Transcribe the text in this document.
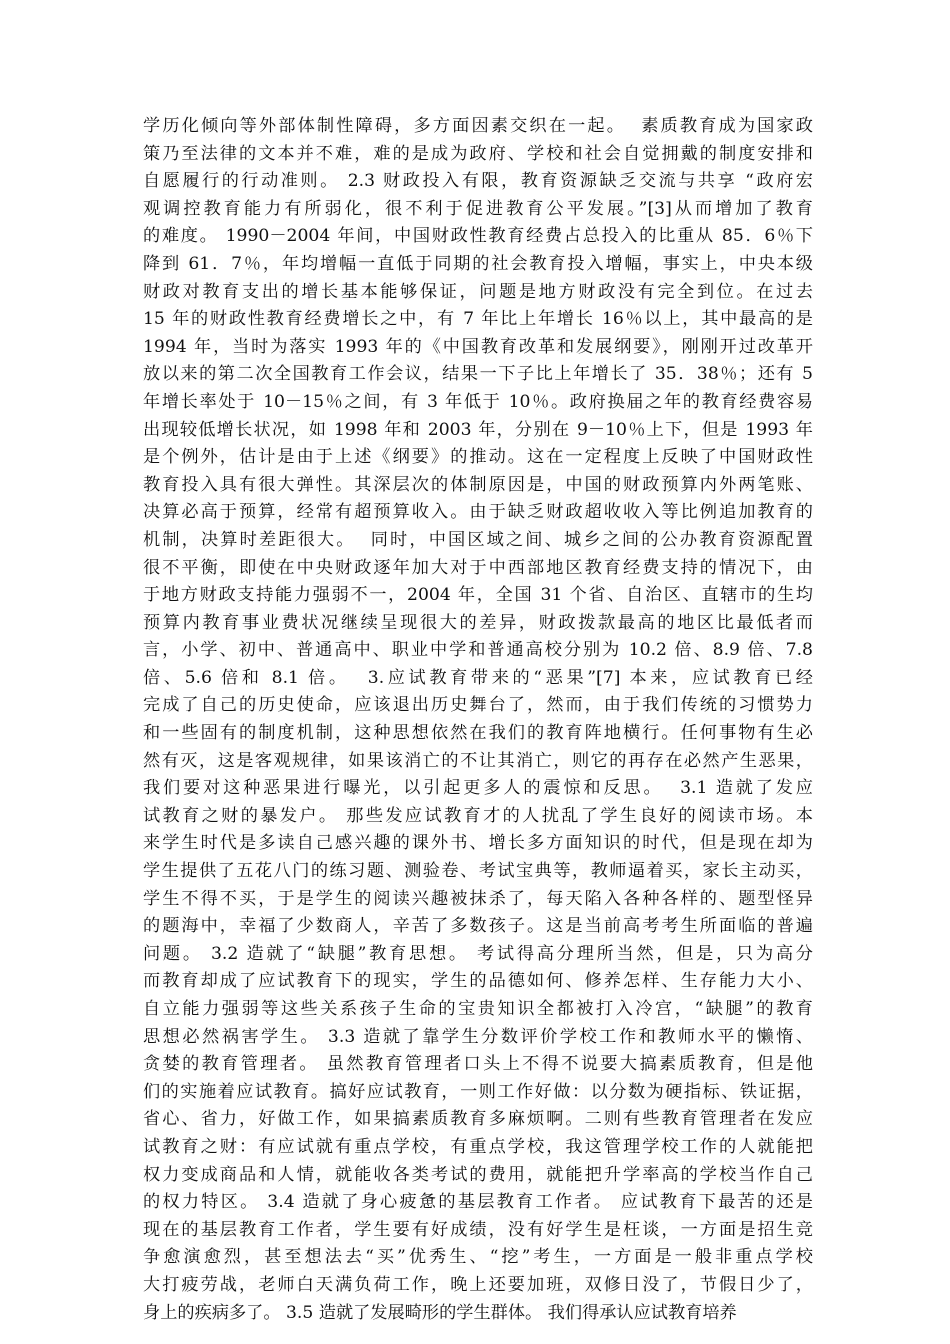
学历化倾向等外部体制性障碍，多方面因素交织在一起。  素质教育成为国家政
策乃至法律的文本并不难，难的是成为政府、学校和社会自觉拥戴的制度安排和
自愿履行的行动准则。 2.3 财政投入有限，教育资源缺乏交流与共享 “政府宏
观调控教育能力有所弱化，很不利于促进教育公平发展。”[3]从而增加了教育
的难度。 1990－2004 年间，中国财政性教育经费占总投入的比重从 85．6％下
降到 61．7％，年均增幅一直低于同期的社会教育投入增幅，事实上，中央本级
财政对教育支出的增长基本能够保证，问题是地方财政没有完全到位。在过去
15 年的财政性教育经费增长之中，有 7 年比上年增长 16％以上，其中最高的是
1994 年，当时为落实 1993 年的《中国教育改革和发展纲要》，刚刚开过改革开
放以来的第二次全国教育工作会议，结果一下子比上年增长了 35．38％；还有 5
年增长率处于 10－15％之间，有 3 年低于 10％。政府换届之年的教育经费容易
出现较低增长状况，如 1998 年和 2003 年，分别在 9－10％上下，但是 1993 年
是个例外，估计是由于上述《纲要》的推动。这在一定程度上反映了中国财政性
教育投入具有很大弹性。其深层次的体制原因是，中国的财政预算内外两笔账、
决算必高于预算，经常有超预算收入。由于缺乏财政超收收入等比例追加教育的
机制，决算时差距很大。  同时，中国区域之间、城乡之间的公办教育资源配置
很不平衡，即使在中央财政逐年加大对于中西部地区教育经费支持的情况下，由
于地方财政支持能力强弱不一，2004 年，全国 31 个省、自治区、直辖市的生均
预算内教育事业费状况继续呈现很大的差异，财政拨款最高的地区比最低者而
言，小学、初中、普通高中、职业中学和普通高校分别为 10.2 倍、8.9 倍、7.8
倍、5.6 倍和 8.1 倍。  3.应试教育带来的“恶果”[7] 本来，应试教育已经
完成了自己的历史使命，应该退出历史舞台了，然而，由于我们传统的习惯势力
和一些固有的制度机制，这种思想依然在我们的教育阵地横行。任何事物有生必
然有灭，这是客观规律，如果该消亡的不让其消亡，则它的再存在必然产生恶果，
我们要对这种恶果进行曝光，以引起更多人的震惊和反思。  3.1 造就了发应
试教育之财的暴发户。 那些发应试教育才的人扰乱了学生良好的阅读市场。本
来学生时代是多读自己感兴趣的课外书、增长多方面知识的时代，但是现在却为
学生提供了五花八门的练习题、测验卷、考试宝典等，教师逼着买，家长主动买，
学生不得不买，于是学生的阅读兴趣被抹杀了，每天陷入各种各样的、题型怪异
的题海中，幸福了少数商人，辛苦了多数孩子。这是当前高考考生所面临的普遍
问题。 3.2 造就了“缺腿”教育思想。 考试得高分理所当然，但是，只为高分
而教育却成了应试教育下的现实，学生的品德如何、修养怎样、生存能力大小、
自立能力强弱等这些关系孩子生命的宝贵知识全都被打入冷宫，“缺腿”的教育
思想必然祸害学生。 3.3 造就了靠学生分数评价学校工作和教师水平的懒惰、
贪婪的教育管理者。 虽然教育管理者口头上不得不说要大搞素质教育，但是他
们的实施着应试教育。搞好应试教育，一则工作好做：以分数为硬指标、铁证据，
省心、省力，好做工作，如果搞素质教育多麻烦啊。二则有些教育管理者在发应
试教育之财：有应试就有重点学校，有重点学校，我这管理学校工作的人就能把
权力变成商品和人情，就能收各类考试的费用，就能把升学率高的学校当作自己
的权力特区。 3.4 造就了身心疲惫的基层教育工作者。 应试教育下最苦的还是
现在的基层教育工作者，学生要有好成绩，没有好学生是枉谈，一方面是招生竞
争愈演愈烈，甚至想法去“买”优秀生、“挖”考生，一方面是一般非重点学校
大打疲劳战，老师白天满负荷工作，晚上还要加班，双修日没了，节假日少了，
身上的疾病多了。 3.5 造就了发展畸形的学生群体。 我们得承认应试教育培养
